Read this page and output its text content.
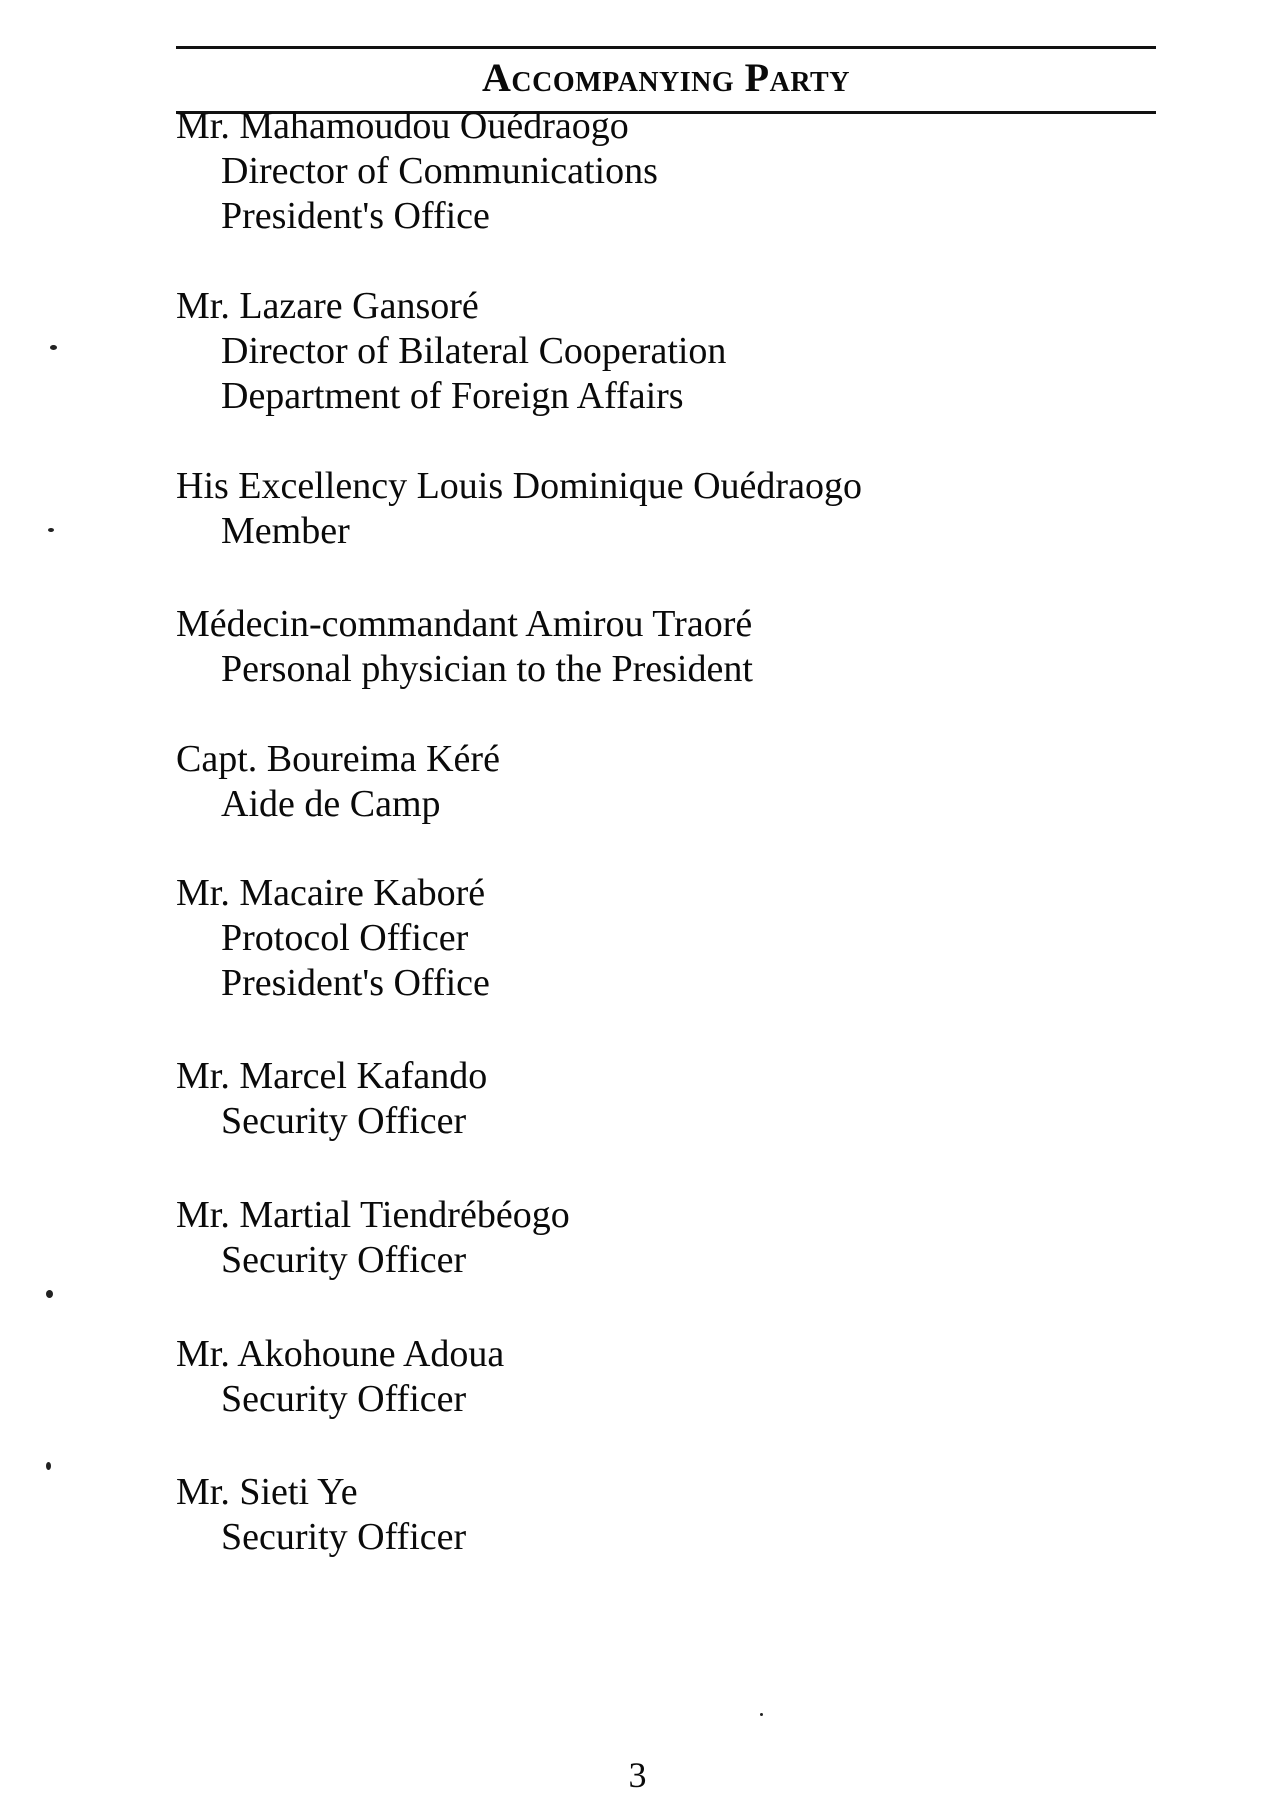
Accompanying Party
Mr. Mahamoudou Ouédraogo
Director of Communications
President's Office
Mr. Lazare Gansoré
Director of Bilateral Cooperation
Department of Foreign Affairs
His Excellency Louis Dominique Ouédraogo
Member
Médecin-commandant Amirou Traoré
Personal physician to the President
Capt. Boureima Kéré
Aide de Camp
Mr. Macaire Kaboré
Protocol Officer
President's Office
Mr. Marcel Kafando
Security Officer
Mr. Martial Tiendrébéogo
Security Officer
Mr. Akohoune Adoua
Security Officer
Mr. Sieti Ye
Security Officer
3
